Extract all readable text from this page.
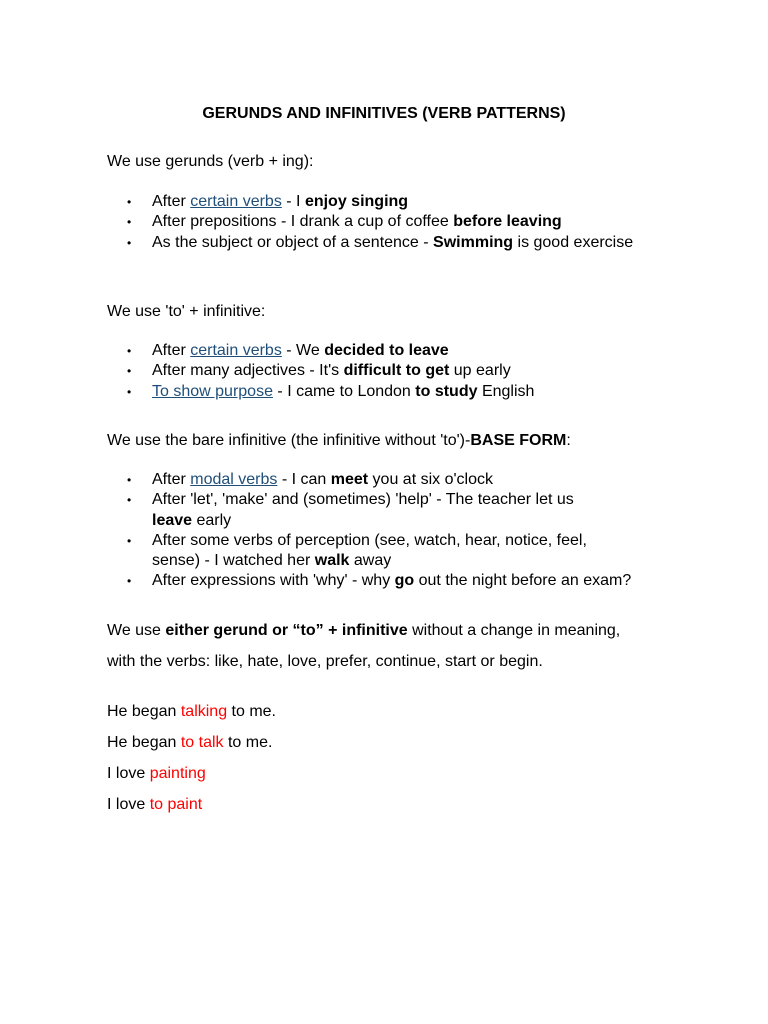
GERUNDS AND INFINITIVES (VERB PATTERNS)

We use gerunds (verb + ing):

• After certain verbs - I enjoy singing
• After prepositions - I drank a cup of coffee before leaving
• As the subject or object of a sentence - Swimming is good exercise

We use 'to' + infinitive:

• After certain verbs - We decided to leave
• After many adjectives - It's difficult to get up early
• To show purpose - I came to London to study English

We use the bare infinitive (the infinitive without 'to')-BASE FORM:

• After modal verbs - I can meet you at six o'clock
• After 'let', 'make' and (sometimes) 'help' - The teacher let us leave early
• After some verbs of perception (see, watch, hear, notice, feel, sense) - I watched her walk away
• After expressions with 'why' - why go out the night before an exam?

We use either gerund or “to” + infinitive without a change in meaning,

with the verbs: like, hate, love, prefer, continue, start or begin.

He began talking to me.

He began to talk to me.

I love painting

I love to paint
